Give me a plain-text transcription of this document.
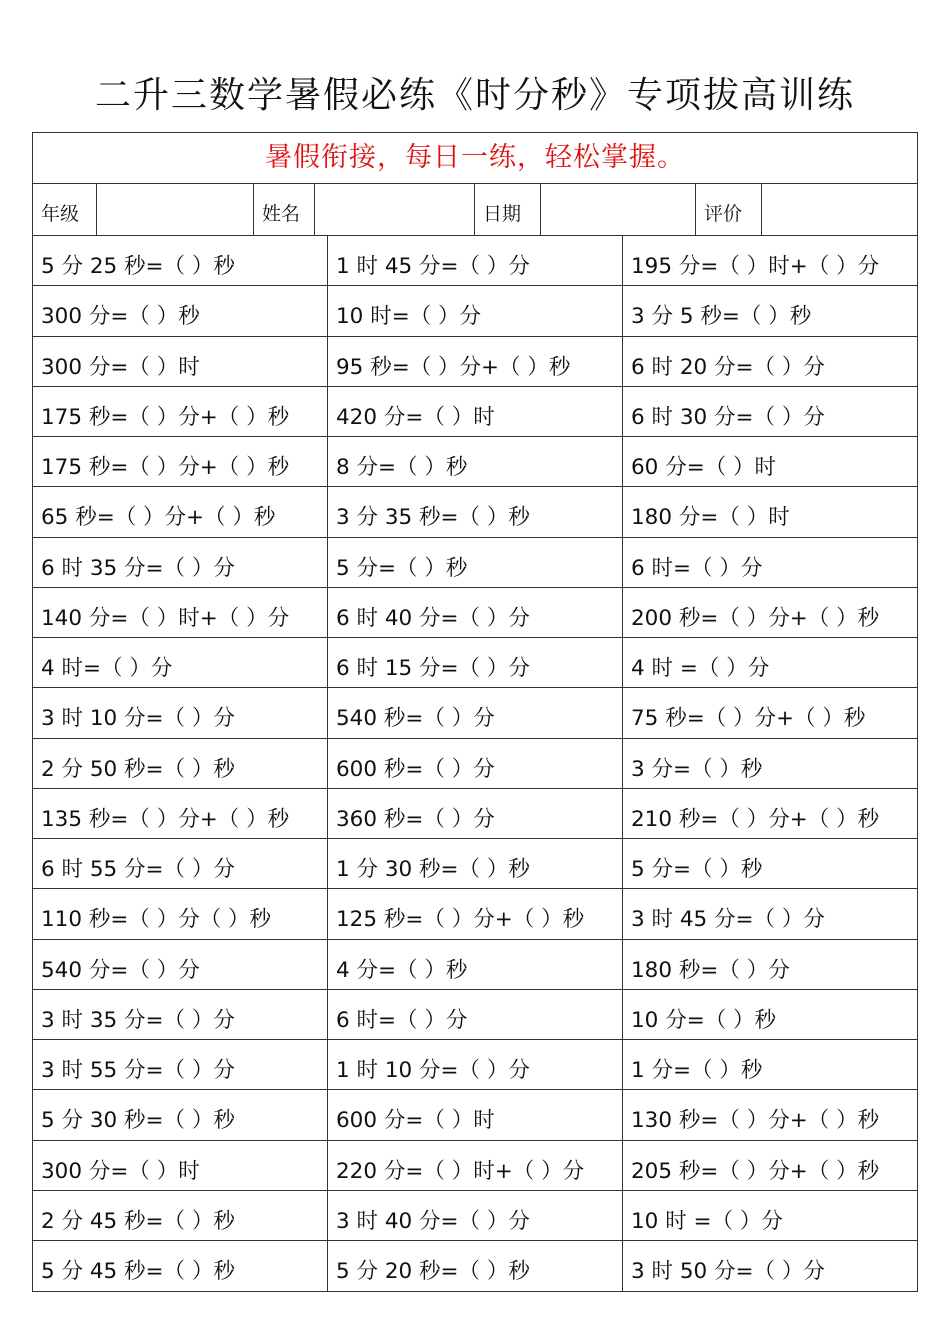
二升三数学暑假必练《时分秒》专项拔高训练
暑假衔接，每日一练，轻松掌握。
年级	姓名	日期	评价
5 分 25 秒=（ ）秒	1 时 45 分=（ ）分	195 分=（ ）时+（ ）分
300 分=（ ）秒	10 时=（ ）分	3 分 5 秒=（ ）秒
300 分=（ ）时	95 秒=（ ）分+（ ）秒	6 时 20 分=（ ）分
175 秒=（ ）分+（ ）秒	420 分=（ ）时	6 时 30 分=（ ）分
175 秒=（ ）分+（ ）秒	8 分=（ ）秒	60 分=（ ）时
65 秒=（ ）分+（ ）秒	3 分 35 秒=（ ）秒	180 分=（ ）时
6 时 35 分=（ ）分	5 分=（ ）秒	6 时=（ ）分
140 分=（ ）时+（ ）分	6 时 40 分=（ ）分	200 秒=（ ）分+（ ）秒
4 时=（ ）分	6 时 15 分=（ ）分	4 时 =（ ）分
3 时 10 分=（ ）分	540 秒=（ ）分	75 秒=（ ）分+（ ）秒
2 分 50 秒=（ ）秒	600 秒=（ ）分	3 分=（ ）秒
135 秒=（ ）分+（ ）秒	360 秒=（ ）分	210 秒=（ ）分+（ ）秒
6 时 55 分=（ ）分	1 分 30 秒=（ ）秒	5 分=（ ）秒
110 秒=（ ）分（ ）秒	125 秒=（ ）分+（ ）秒	3 时 45 分=（ ）分
540 分=（ ）分	4 分=（ ）秒	180 秒=（ ）分
3 时 35 分=（ ）分	6 时=（ ）分	10 分=（ ）秒
3 时 55 分=（ ）分	1 时 10 分=（ ）分	1 分=（ ）秒
5 分 30 秒=（ ）秒	600 分=（ ）时	130 秒=（ ）分+（ ）秒
300 分=（ ）时	220 分=（ ）时+（ ）分	205 秒=（ ）分+（ ）秒
2 分 45 秒=（ ）秒	3 时 40 分=（ ）分	10 时 =（ ）分
5 分 45 秒=（ ）秒	5 分 20 秒=（ ）秒	3 时 50 分=（ ）分
